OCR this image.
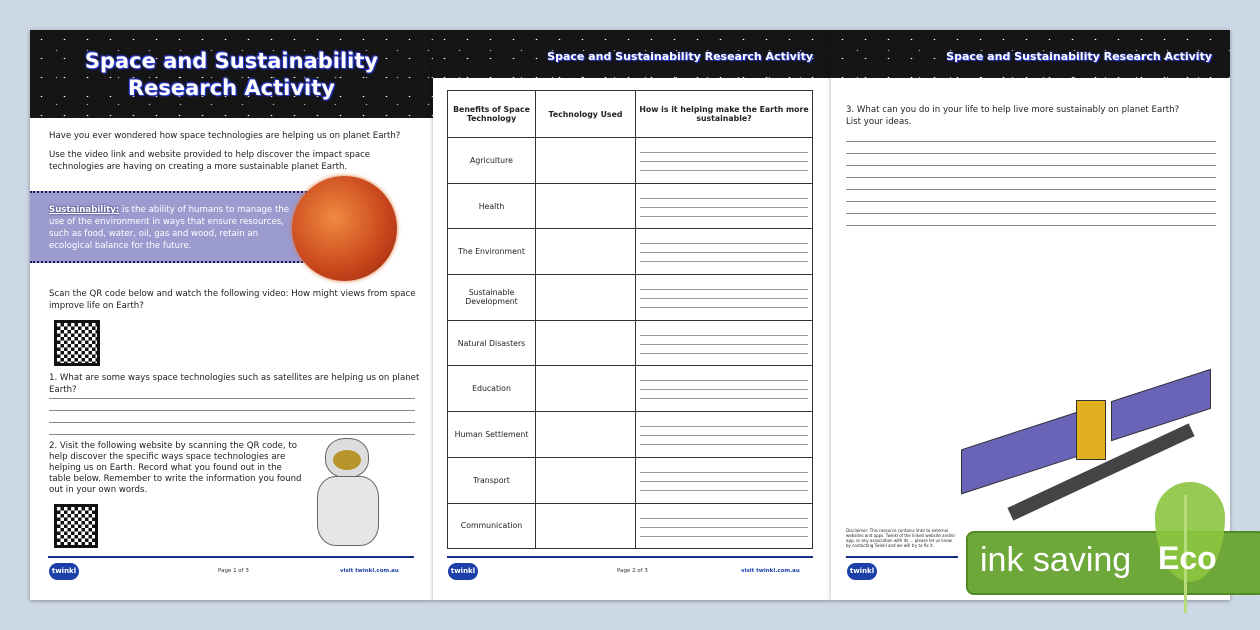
Space and Sustainability Research Activity
Have you ever wondered how space technologies are helping us on planet Earth?
Use the video link and website provided to help discover the impact space technologies are having on creating a more sustainable planet Earth.
Sustainability: is the ability of humans to manage the use of the environment in ways that ensure resources, such as food, water, oil, gas and wood, retain an ecological balance for the future.
Scan the QR code below and watch the following video: How might views from space improve life on Earth?
1. What are some ways space technologies such as satellites are helping us on planet Earth?
2. Visit the following website by scanning the QR code, to help discover the specific ways space technologies are helping us on Earth. Record what you found out in the table below. Remember to write the information you found out in your own words.
twinkl	Page 1 of 3	visit twinkl.com.au
Space and Sustainability Research Activity
Benefits of Space Technology	Technology Used	How is it helping make the Earth more sustainable?
Agriculture		
Health		
The Environment		
Sustainable Development		
Natural Disasters		
Education		
Human Settlement		
Transport		
Communication		
twinkl	Page 2 of 3	visit twinkl.com.au
Space and Sustainability Research Activity
3. What can you do in your life to help live more sustainably on planet Earth? List your ideas.
Disclaimer: This resource contains links to external websites and apps. Twinkl of the linked website and/or app, or any association with its ... please let us know by contacting Twinkl and we will try to fix it.
twinkl	ink saving Eco
